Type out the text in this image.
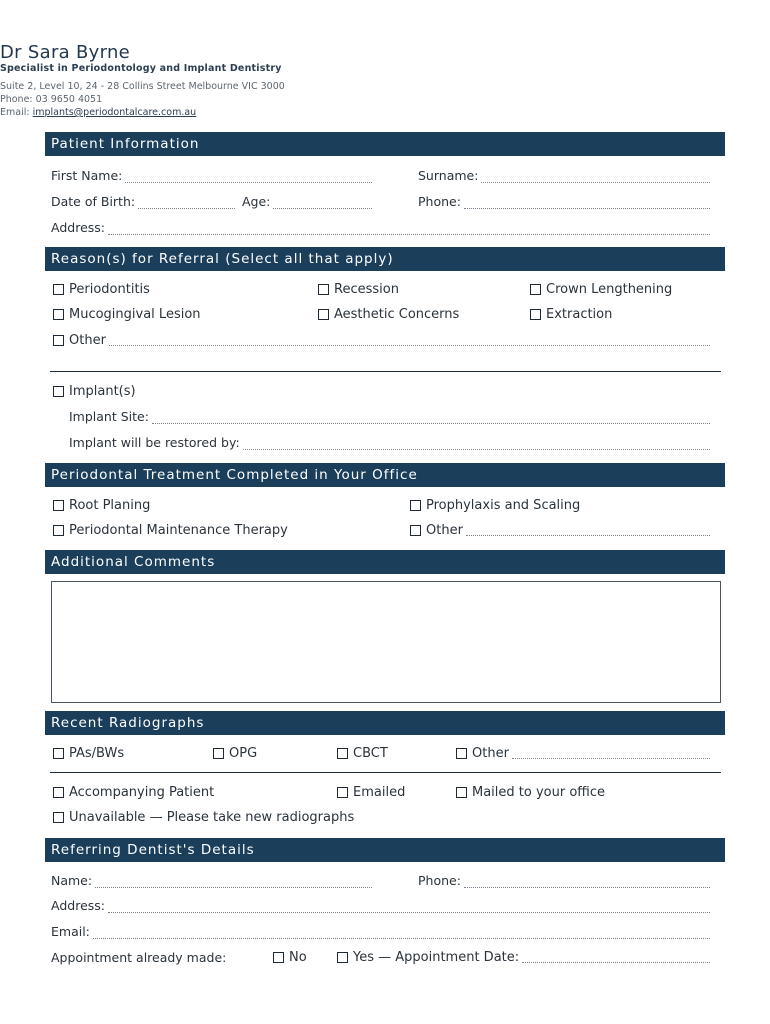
Dr Sara Byrne
Specialist in Periodontology and Implant Dentistry
Suite 2, Level 10, 24 - 28 Collins Street Melbourne VIC 3000
Phone: 03 9650 4051
Email: implants@periodontalcare.com.au
Patient Information
First Name:	Surname:
Date of Birth:	Age:	Phone:
Address:
Reason(s) for Referral (Select all that apply)
Periodontitis	Recession	Crown Lengthening
Mucogingival Lesion	Aesthetic Concerns	Extraction
Other
Implant(s)
Implant Site:
Implant will be restored by:
Periodontal Treatment Completed in Your Office
Root Planing	Prophylaxis and Scaling
Periodontal Maintenance Therapy	Other
Additional Comments
Recent Radiographs
PAs/BWs	OPG	CBCT	Other
Accompanying Patient	Emailed	Mailed to your office
Unavailable — Please take new radiographs
Referring Dentist's Details
Name:	Phone:
Address:
Email:
Appointment already made:	No	Yes — Appointment Date:
